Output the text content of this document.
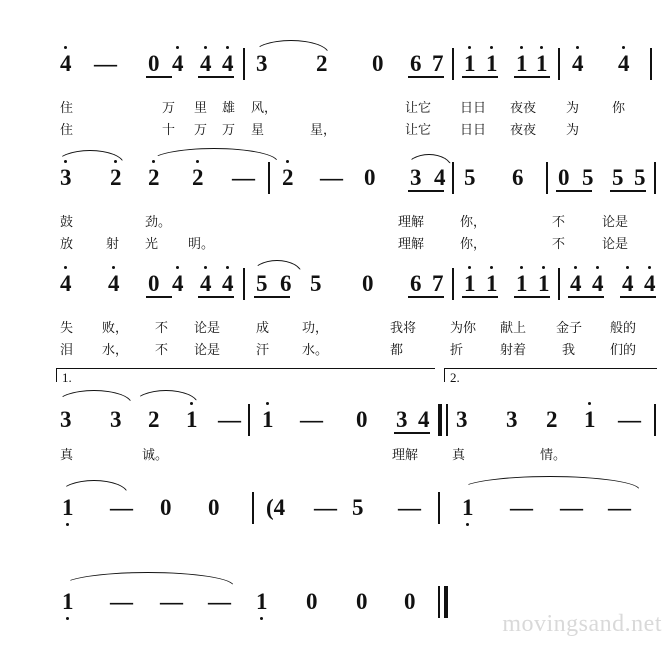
4 — 0 4 4 4 3 2 0 6 7 1 1 1 1 4 4
住	万 里 雄 风，	让它 日日 夜夜 为	你
住	十 万 万 星	星，	让它 日日 夜夜 为
3 2 2 2 — 2 — 0 3 4 5 6 0 5 5 5
鼓	劲。	理解	你，	不	论是
放	射 光 明。	理解	你，	不	论是
4 4 0 4 4 4 5 6 5 0 6 7 1 1 1 1 4 4 4 4
失 败， 不 论是	成	功，	我将	为你 献上 金子 般的
泪 水， 不 论是	汗	水。	都	折	射着	我	们的
1.	2.
3 3 2 1 — 1 — 0 3 4 3 3 2 1 —
真	诚。	理解	真	情。
1 — 0 0 (4 — 5 — 1 — — —
1 — — — 1 0 0 0
movingsand.net
